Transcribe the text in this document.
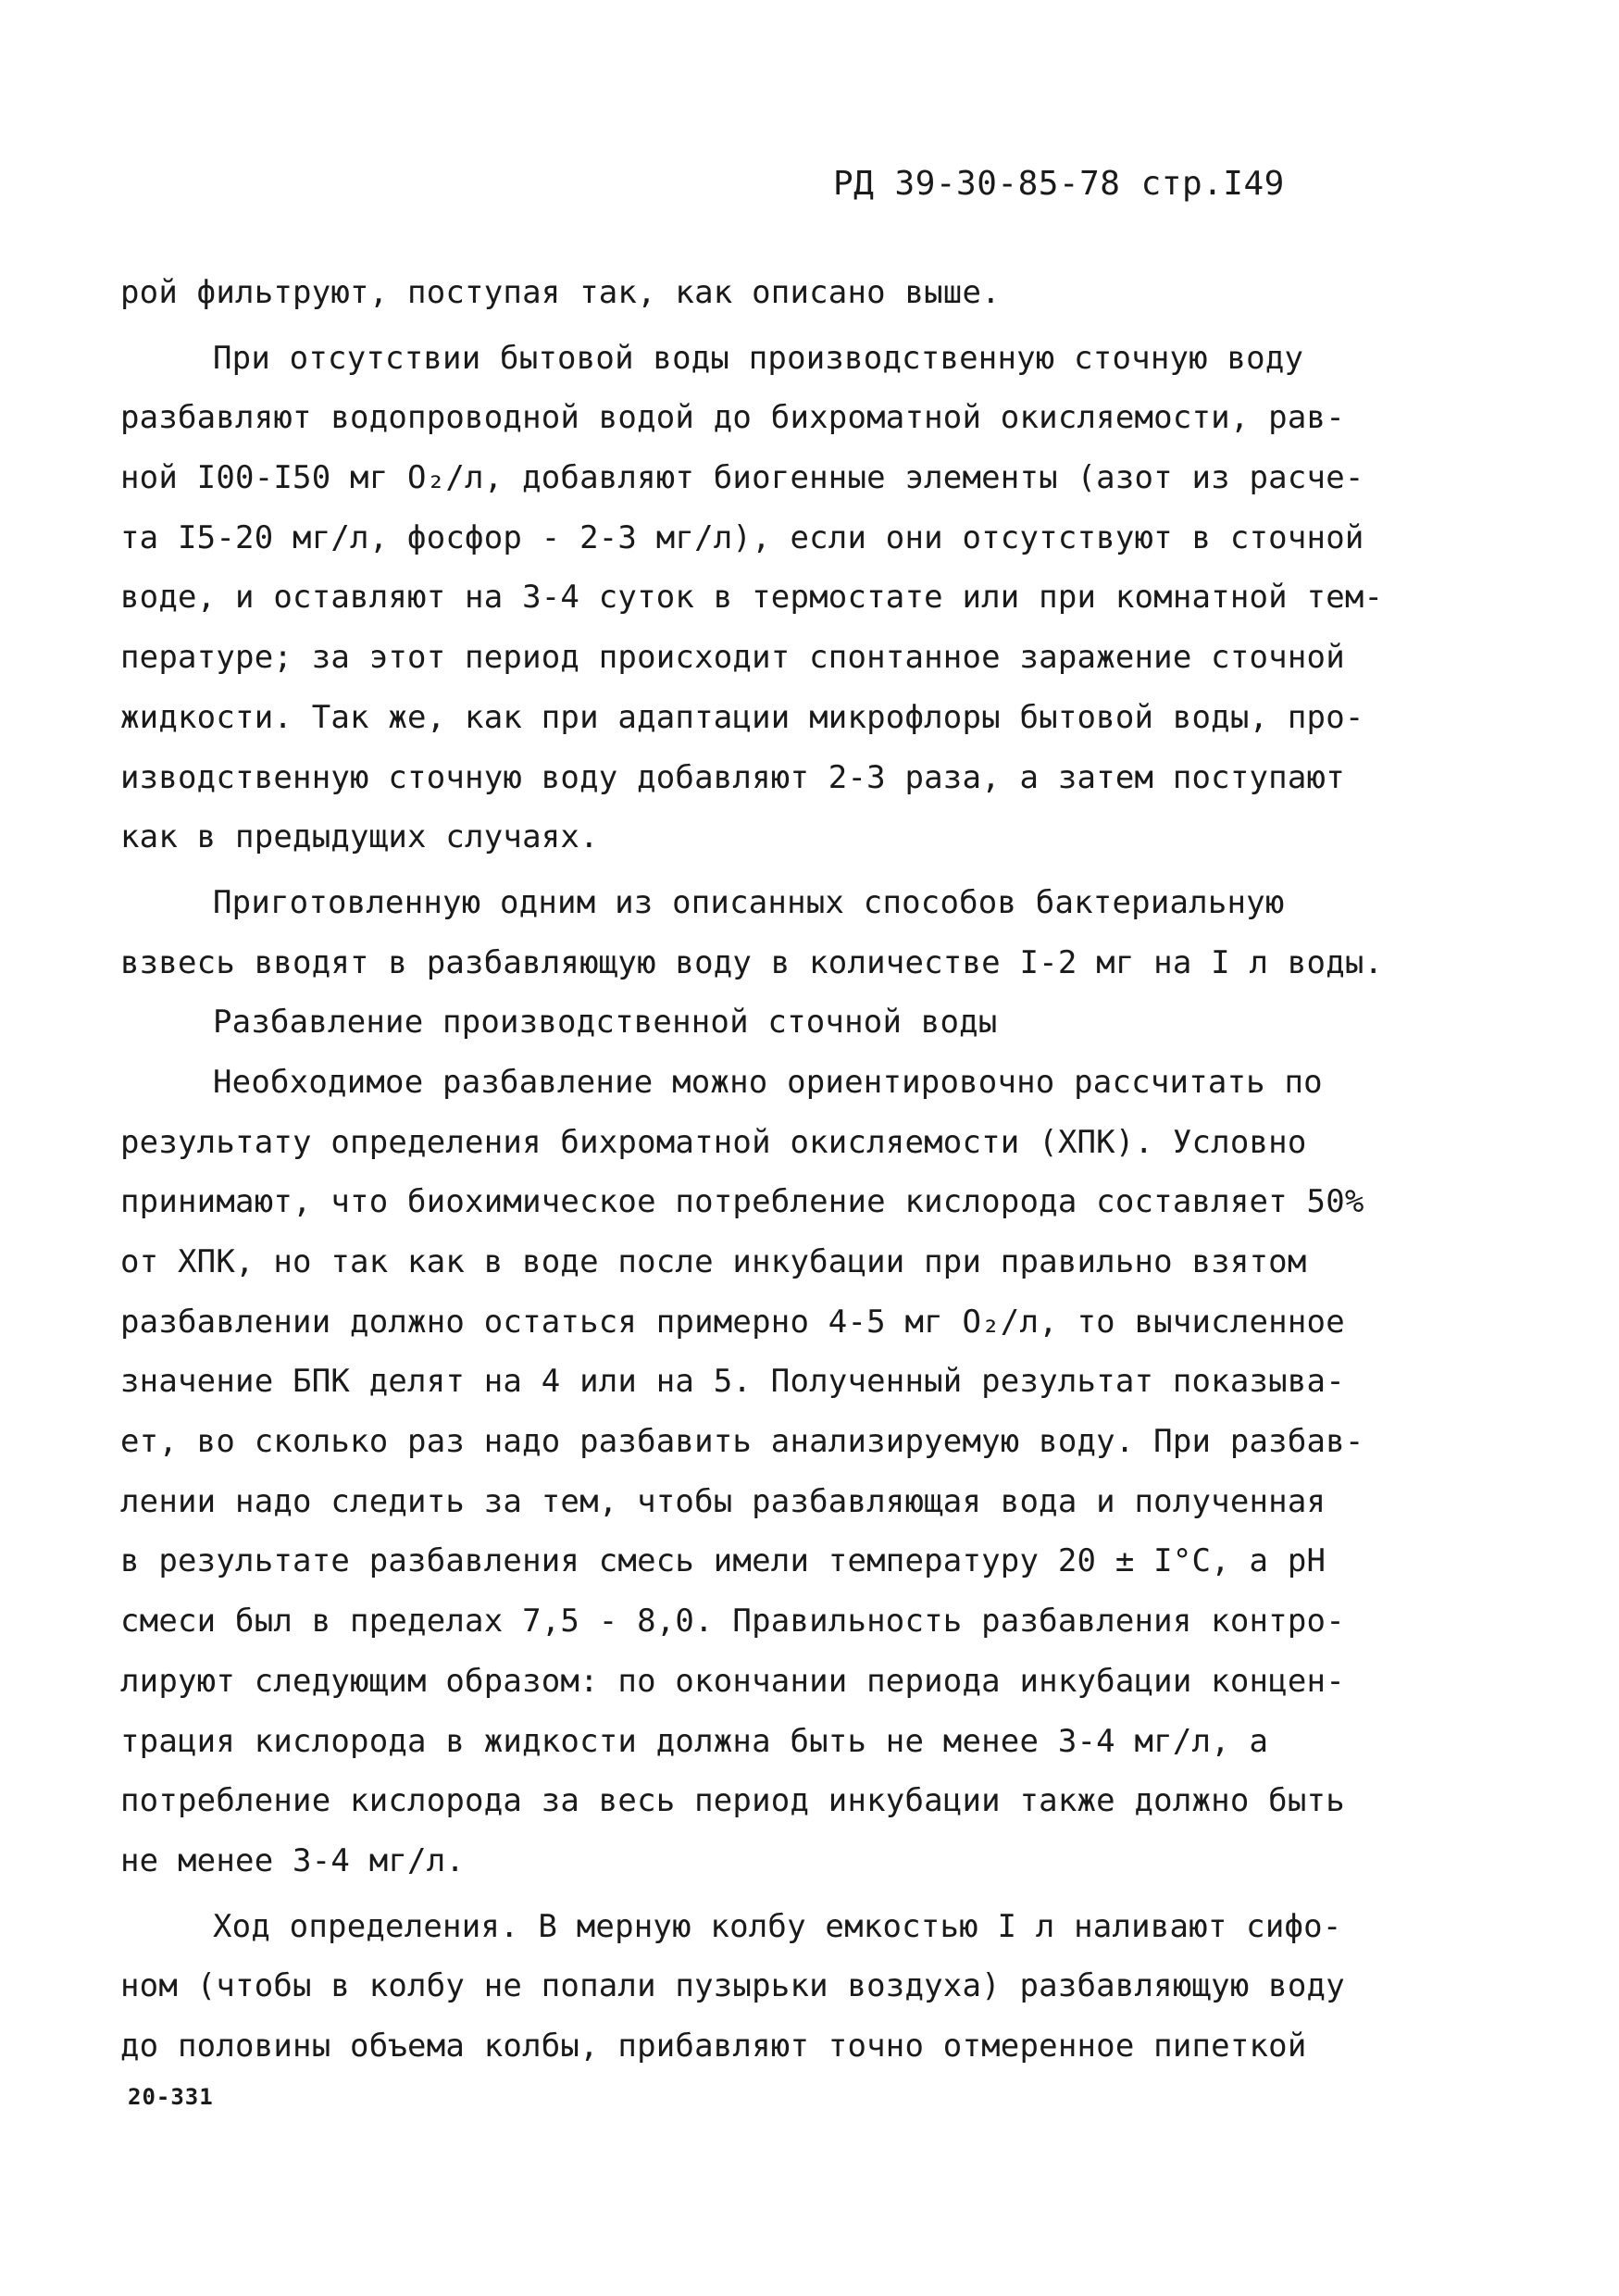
РД 39-30-85-78 стр.I49
рой фильтруют, поступая так, как описано выше.
При отсутствии бытовой воды производственную сточную воду
разбавляют водопроводной водой до бихроматной окисляемости, рав-
ной I00-I50 мг О₂/л, добавляют биогенные элементы (азот из расче-
та I5-20 мг/л, фосфор - 2-3 мг/л), если они отсутствуют в сточной
воде, и оставляют на 3-4 суток в термостате или при комнатной тем-
пературе; за этот период происходит спонтанное заражение сточной
жидкости. Так же, как при адаптации микрофлоры бытовой воды, про-
изводственную сточную воду добавляют 2-3 раза, а затем поступают
как в предыдущих случаях.
Приготовленную одним из описанных способов бактериальную
взвесь вводят в разбавляющую воду в количестве I-2 мг на I л воды.
Разбавление производственной сточной воды
Необходимое разбавление можно ориентировочно рассчитать по
результату определения бихроматной окисляемости (ХПК). Условно
принимают, что биохимическое потребление кислорода составляет 50%
от ХПК, но так как в воде после инкубации при правильно взятом
разбавлении должно остаться примерно 4-5 мг О₂/л, то вычисленное
значение БПК делят на 4 или на 5. Полученный результат показыва-
ет, во сколько раз надо разбавить анализируемую воду. При разбав-
лении надо следить за тем, чтобы разбавляющая вода и полученная
в результате разбавления смесь имели температуру 20 ± I°С, а рН
смеси был в пределах 7,5 - 8,0. Правильность разбавления контро-
лируют следующим образом: по окончании периода инкубации концен-
трация кислорода в жидкости должна быть не менее 3-4 мг/л, а
потребление кислорода за весь период инкубации также должно быть
не менее 3-4 мг/л.
Ход определения. В мерную колбу емкостью I л наливают сифо-
ном (чтобы в колбу не попали пузырьки воздуха) разбавляющую воду
до половины объема колбы, прибавляют точно отмеренное пипеткой
20-331
